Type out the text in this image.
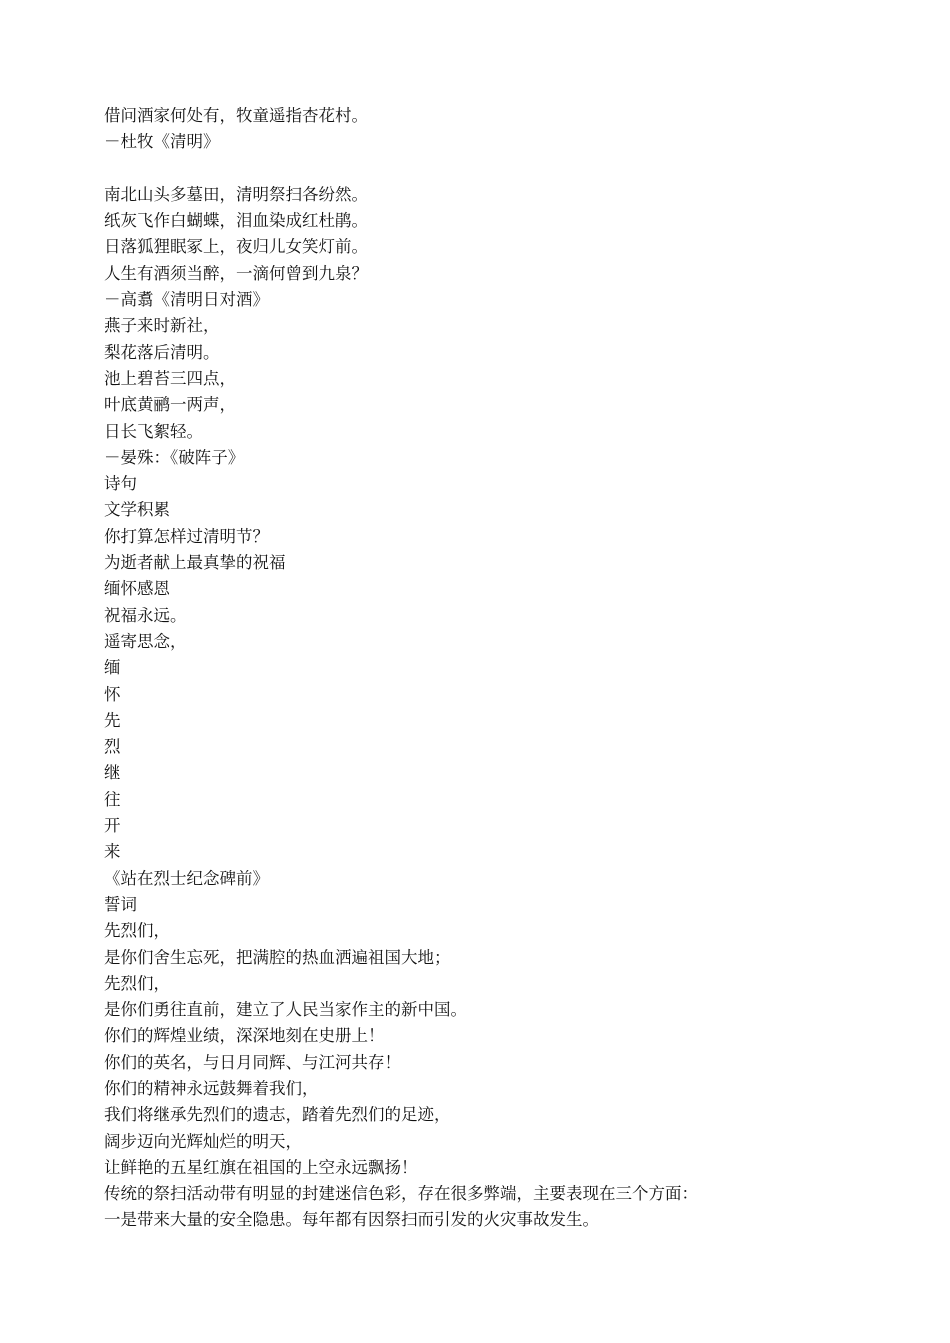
借问酒家何处有，牧童遥指杏花村。
－杜牧《清明》
南北山头多墓田，清明祭扫各纷然。
纸灰飞作白蝴蝶，泪血染成红杜鹃。
日落狐狸眠冢上，夜归儿女笑灯前。
人生有酒须当醉，一滴何曾到九泉？
－高翥《清明日对酒》
燕子来时新社，
梨花落后清明。
池上碧苔三四点，
叶底黄鹂一两声，
日长飞絮轻。
－晏殊：《破阵子》
诗句
文学积累
你打算怎样过清明节？
为逝者献上最真挚的祝福
缅怀感恩
祝福永远。
遥寄思念，
缅
怀
先
烈
继
往
开
来
《站在烈士纪念碑前》
誓词
先烈们，
是你们舍生忘死，把满腔的热血洒遍祖国大地；
先烈们，
是你们勇往直前，建立了人民当家作主的新中国。
你们的辉煌业绩，深深地刻在史册上！
你们的英名，与日月同辉、与江河共存！
你们的精神永远鼓舞着我们，
我们将继承先烈们的遗志，踏着先烈们的足迹，
阔步迈向光辉灿烂的明天，
让鲜艳的五星红旗在祖国的上空永远飘扬！
传统的祭扫活动带有明显的封建迷信色彩，存在很多弊端，主要表现在三个方面：
一是带来大量的安全隐患。每年都有因祭扫而引发的火灾事故发生。
